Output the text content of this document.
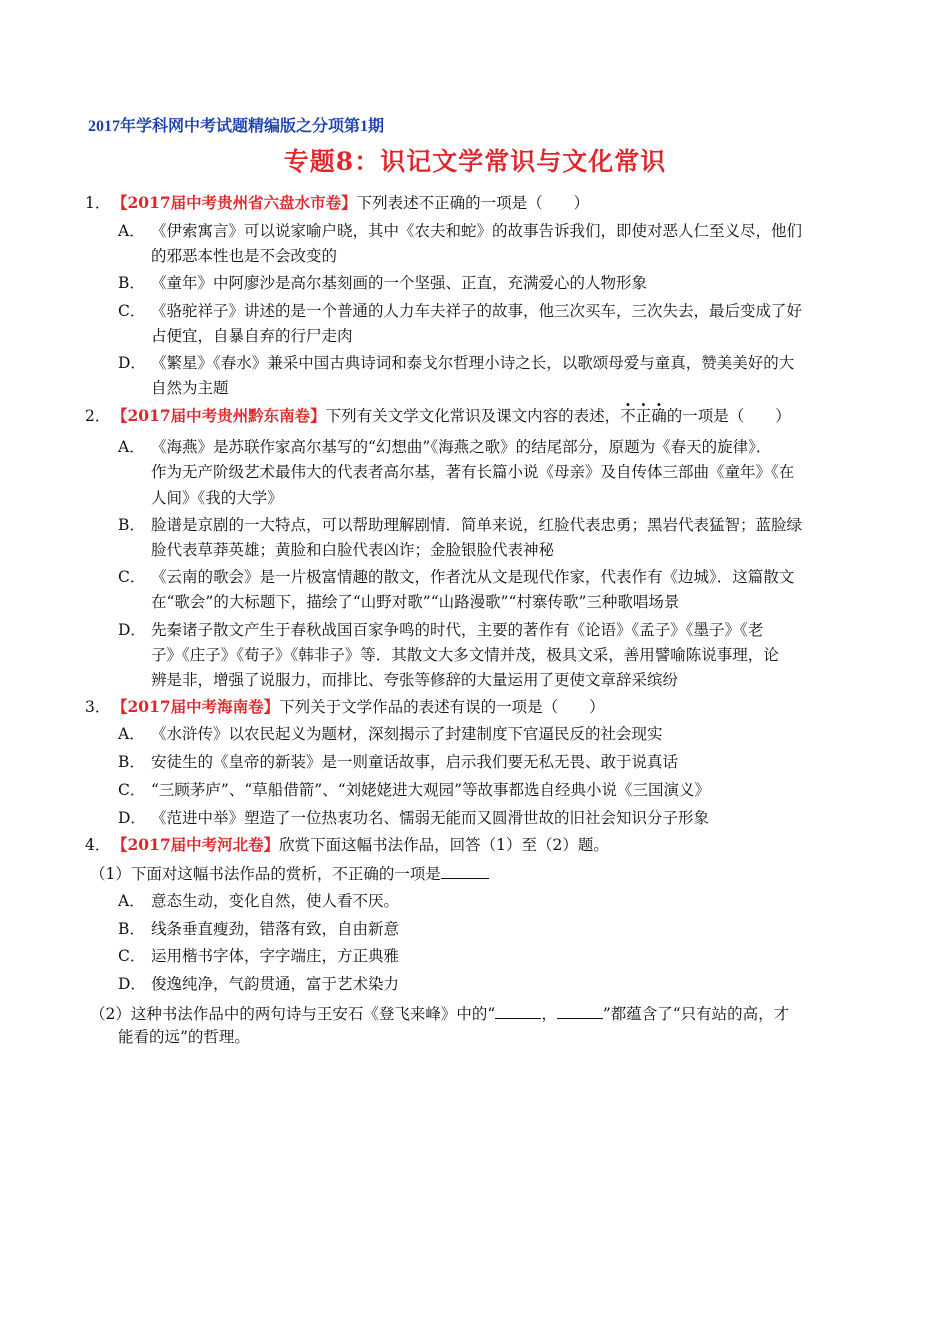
2017年学科网中考试题精编版之分项第1期
专题8：识记文学常识与文化常识
1． 【2017届中考贵州省六盘水市卷】下列表述不正确的一项是（　　）
A． 《伊索寓言》可以说家喻户晓，其中《农夫和蛇》的故事告诉我们，即使对恶人仁至义尽，他们
的邪恶本性也是不会改变的
B． 《童年》中阿廖沙是高尔基刻画的一个坚强、正直，充满爱心的人物形象
C． 《骆驼祥子》讲述的是一个普通的人力车夫祥子的故事，他三次买车，三次失去，最后变成了好
占便宜，自暴自弃的行尸走肉
D． 《繁星》《春水》兼采中国古典诗词和泰戈尔哲理小诗之长，以歌颂母爱与童真，赞美美好的大
自然为主题
2． 【2017届中考贵州黔东南卷】下列有关文学文化常识及课文内容的表述，不正确的一项是（　　）
A． 《海燕》是苏联作家高尔基写的“幻想曲”《海燕之歌》的结尾部分，原题为《春天的旋律》．
作为无产阶级艺术最伟大的代表者高尔基，著有长篇小说《母亲》及自传体三部曲《童年》《在
人间》《我的大学》
B． 脸谱是京剧的一大特点，可以帮助理解剧情．简单来说，红脸代表忠勇；黑岩代表猛智；蓝脸绿
脸代表草莽英雄；黄脸和白脸代表凶诈；金脸银脸代表神秘
C． 《云南的歌会》是一片极富情趣的散文，作者沈从文是现代作家，代表作有《边城》．这篇散文
在“歌会”的大标题下，描绘了“山野对歌”“山路漫歌”“村寨传歌”三种歌唱场景
D． 先秦诸子散文产生于春秋战国百家争鸣的时代，主要的著作有《论语》《孟子》《墨子》《老
子》《庄子》《荀子》《韩非子》等．其散文大多文情并茂，极具文采，善用譬喻陈说事理，论
辨是非，增强了说服力，而排比、夸张等修辞的大量运用了更使文章辞采缤纷
3． 【2017届中考海南卷】下列关于文学作品的表述有误的一项是（　　）
A． 《水浒传》以农民起义为题材，深刻揭示了封建制度下官逼民反的社会现实
B． 安徒生的《皇帝的新装》是一则童话故事，启示我们要无私无畏、敢于说真话
C． “三顾茅庐”、“草船借箭”、“刘姥姥进大观园”等故事都选自经典小说《三国演义》
D． 《范进中举》塑造了一位热衷功名、懦弱无能而又圆滑世故的旧社会知识分子形象
4． 【2017届中考河北卷】欣赏下面这幅书法作品，回答（1）至（2）题。
（1）下面对这幅书法作品的赏析，不正确的一项是
A． 意态生动，变化自然，使人看不厌。
B． 线条垂直瘦劲，错落有致，自由新意
C． 运用楷书字体，字字端庄，方正典雅
D． 俊逸纯净，气韵贯通，富于艺术染力
（2）这种书法作品中的两句诗与王安石《登飞来峰》中的“	，	”都蕴含了“只有站的高，才
能看的远”的哲理。
